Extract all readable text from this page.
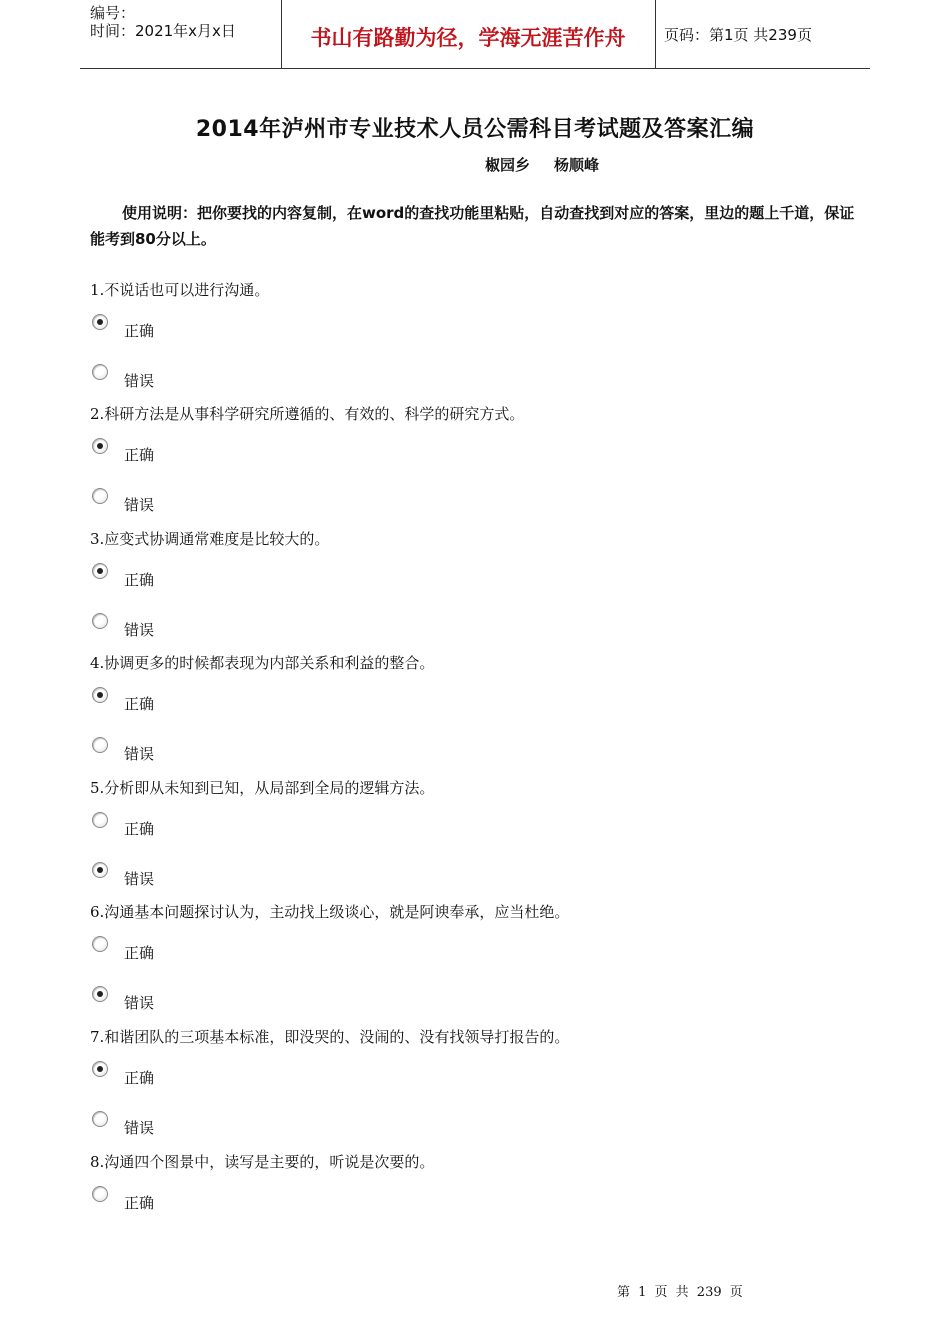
编号：
时间：2021年x月x日	书山有路勤为径，学海无涯苦作舟	页码：第1页 共239页
2014年泸州市专业技术人员公需科目考试题及答案汇编
椒园乡 杨顺峰
使用说明：把你要找的内容复制，在word的查找功能里粘贴，自动查找到对应的答案，里边的题上千道，保证能考到80分以上。
1.不说话也可以进行沟通。
正确
错误
2.科研方法是从事科学研究所遵循的、有效的、科学的研究方式。
正确
错误
3.应变式协调通常难度是比较大的。
正确
错误
4.协调更多的时候都表现为内部关系和利益的整合。
正确
错误
5.分析即从未知到已知，从局部到全局的逻辑方法。
正确
错误
6.沟通基本问题探讨认为，主动找上级谈心，就是阿谀奉承，应当杜绝。
正确
错误
7.和谐团队的三项基本标准，即没哭的、没闹的、没有找领导打报告的。
正确
错误
8.沟通四个图景中，读写是主要的，听说是次要的。
正确
第 1 页 共 239 页
